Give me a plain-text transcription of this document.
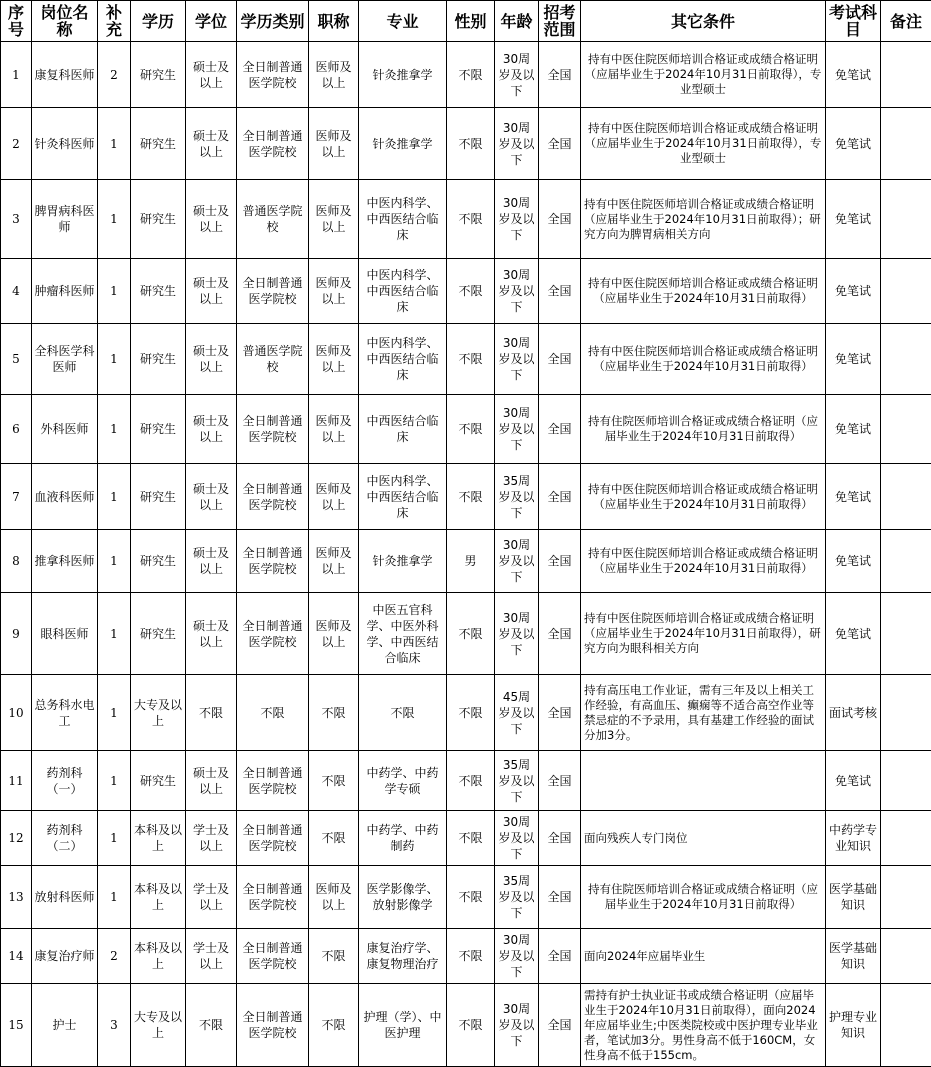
序号	岗位名称	补充	学历	学位	学历类别	职称	专业	性别	年龄	招考范围	其它条件	考试科目	备注
1	康复科医师	2	研究生	硕士及以上	全日制普通医学院校	医师及以上	针灸推拿学	不限	30周岁及以下	全国	持有中医住院医师培训合格证或成绩合格证明（应届毕业生于2024年10月31日前取得），专业型硕士	免笔试	
2	针灸科医师	1	研究生	硕士及以上	全日制普通医学院校	医师及以上	针灸推拿学	不限	30周岁及以下	全国	持有中医住院医师培训合格证或成绩合格证明（应届毕业生于2024年10月31日前取得），专业型硕士	免笔试	
3	脾胃病科医师	1	研究生	硕士及以上	普通医学院校	医师及以上	中医内科学、中西医结合临床	不限	30周岁及以下	全国	持有中医住院医师培训合格证或成绩合格证明（应届毕业生于2024年10月31日前取得）；研究方向为脾胃病相关方向	免笔试	
4	肿瘤科医师	1	研究生	硕士及以上	全日制普通医学院校	医师及以上	中医内科学、中西医结合临床	不限	30周岁及以下	全国	持有中医住院医师培训合格证或成绩合格证明（应届毕业生于2024年10月31日前取得）	免笔试	
5	全科医学科医师	1	研究生	硕士及以上	普通医学院校	医师及以上	中医内科学、中西医结合临床	不限	30周岁及以下	全国	持有中医住院医师培训合格证或成绩合格证明（应届毕业生于2024年10月31日前取得）	免笔试	
6	外科医师	1	研究生	硕士及以上	全日制普通医学院校	医师及以上	中西医结合临床	不限	30周岁及以下	全国	持有住院医师培训合格证或成绩合格证明（应届毕业生于2024年10月31日前取得）	免笔试	
7	血液科医师	1	研究生	硕士及以上	全日制普通医学院校	医师及以上	中医内科学、中西医结合临床	不限	35周岁及以下	全国	持有中医住院医师培训合格证或成绩合格证明（应届毕业生于2024年10月31日前取得）	免笔试	
8	推拿科医师	1	研究生	硕士及以上	全日制普通医学院校	医师及以上	针灸推拿学	男	30周岁及以下	全国	持有中医住院医师培训合格证或成绩合格证明（应届毕业生于2024年10月31日前取得）	免笔试	
9	眼科医师	1	研究生	硕士及以上	全日制普通医学院校	医师及以上	中医五官科学、中医外科学、中西医结合临床	不限	30周岁及以下	全国	持有中医住院医师培训合格证或成绩合格证明（应届毕业生于2024年10月31日前取得），研究方向为眼科相关方向	免笔试	
10	总务科水电工	1	大专及以上	不限	不限	不限	不限	不限	45周岁及以下	全国	持有高压电工作业证，需有三年及以上相关工作经验，有高血压、癫痫等不适合高空作业等禁忌症的不予录用，具有基建工作经验的面试分加3分。	面试考核	
11	药剂科（一）	1	研究生	硕士及以上	全日制普通医学院校	不限	中药学、中药学专硕	不限	35周岁及以下	全国		免笔试	
12	药剂科（二）	1	本科及以上	学士及以上	全日制普通医学院校	不限	中药学、中药制药	不限	30周岁及以下	全国	面向残疾人专门岗位	中药学专业知识	
13	放射科医师	1	本科及以上	学士及以上	全日制普通医学院校	医师及以上	医学影像学、放射影像学	不限	35周岁及以下	全国	持有住院医师培训合格证或成绩合格证明（应届毕业生于2024年10月31日前取得）	医学基础知识	
14	康复治疗师	2	本科及以上	学士及以上	全日制普通医学院校	不限	康复治疗学、康复物理治疗	不限	30周岁及以下	全国	面向2024年应届毕业生	医学基础知识	
15	护士	3	大专及以上	不限	全日制普通医学院校	不限	护理（学）、中医护理	不限	30周岁及以下	全国	需持有护士执业证书或成绩合格证明（应届毕业生于2024年10月31日前取得），面向2024年应届毕业生;中医类院校或中医护理专业毕业者，笔试加3分。男性身高不低于160CM，女性身高不低于155cm。	护理专业知识	
